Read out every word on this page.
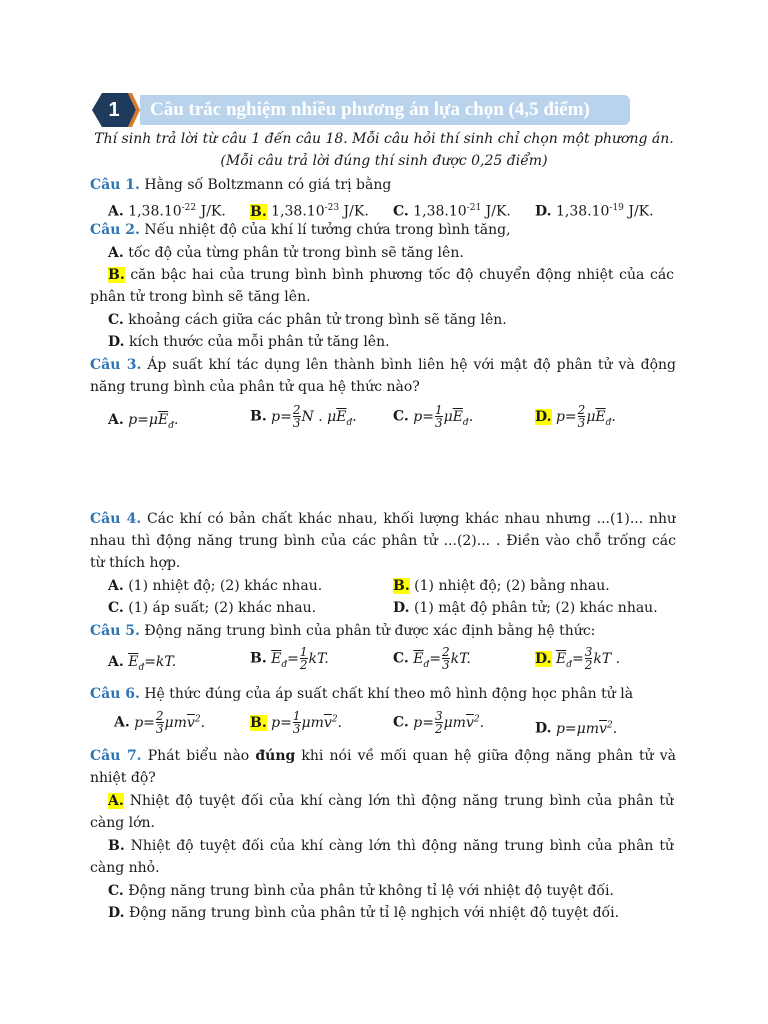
1	Câu trắc nghiệm nhiều phương án lựa chọn (4,5 điểm)
Thí sinh trả lời từ câu 1 đến câu 18. Mỗi câu hỏi thí sinh chỉ chọn một phương án.
(Mỗi câu trả lời đúng thí sinh được 0,25 điểm)
Câu 1. Hằng số Boltzmann có giá trị bằng
A. $1,38.10^{-22}$ J/K. B. $1,38.10^{-23}$ J/K. C. $1,38.10^{-21}$ J/K. D. $1,38.10^{-19}$ J/K.
Câu 2. Nếu nhiệt độ của khí lí tưởng chứa trong bình tăng,
A. tốc độ của từng phân tử trong bình sẽ tăng lên.
B. căn bậc hai của trung bình bình phương tốc độ chuyển động nhiệt của các
phân tử trong bình sẽ tăng lên.
C. khoảng cách giữa các phân tử trong bình sẽ tăng lên.
D. kích thước của mỗi phân tử tăng lên.
Câu 3. Áp suất khí tác dụng lên thành bình liên hệ với mật độ phân tử và động
năng trung bình của phân tử qua hệ thức nào?
A. $p=\mu\overline{E}_đ$.	B. $p= \frac{2}{3}$ N . $\mu\overline{E}_đ$.	C. $p= \frac{1}{3} \mu\overline{E}_đ$.	D. $p= \frac{2}{3} \mu\overline{E}_đ$.
Câu 4. Các khí có bản chất khác nhau, khối lượng khác nhau nhưng ...(1)... như
nhau thì động năng trung bình của các phân tử ...(2)... . Điền vào chỗ trống các
từ thích hợp.
A. (1) nhiệt độ; (2) khác nhau.	B. (1) nhiệt độ; (2) bằng nhau.
C. (1) áp suất; (2) khác nhau.	D. (1) mật độ phân tử; (2) khác nhau.
Câu 5. Động năng trung bình của phân tử được xác định bằng hệ thức:
A. $\overline{E}_đ=kT$.	B. $\overline{E}_đ= \frac{1}{2}$ kT.	C. $\overline{E}_đ= \frac{2}{3}$ kT.	D. $\overline{E}_đ= \frac{3}{2}$ kT .
Câu 6. Hệ thức đúng của áp suất chất khí theo mô hình động học phân tử là
A. $p= \frac{2}{3} \mu m\overline{v}^2$.	B. $p= \frac{1}{3} \mu m\overline{v}^2$.	C. $p= \frac{3}{2} \mu m\overline{v}^2$.	D. $p=\mu m\overline{v}^2$.
Câu 7. Phát biểu nào đúng khi nói về mối quan hệ giữa động năng phân tử và
nhiệt độ?
A. Nhiệt độ tuyệt đối của khí càng lớn thì động năng trung bình của phân tử
càng lớn.
B. Nhiệt độ tuyệt đối của khí càng lớn thì động năng trung bình của phân tử
càng nhỏ.
C. Động năng trung bình của phân tử không tỉ lệ với nhiệt độ tuyệt đối.
D. Động năng trung bình của phân tử tỉ lệ nghịch với nhiệt độ tuyệt đối.
